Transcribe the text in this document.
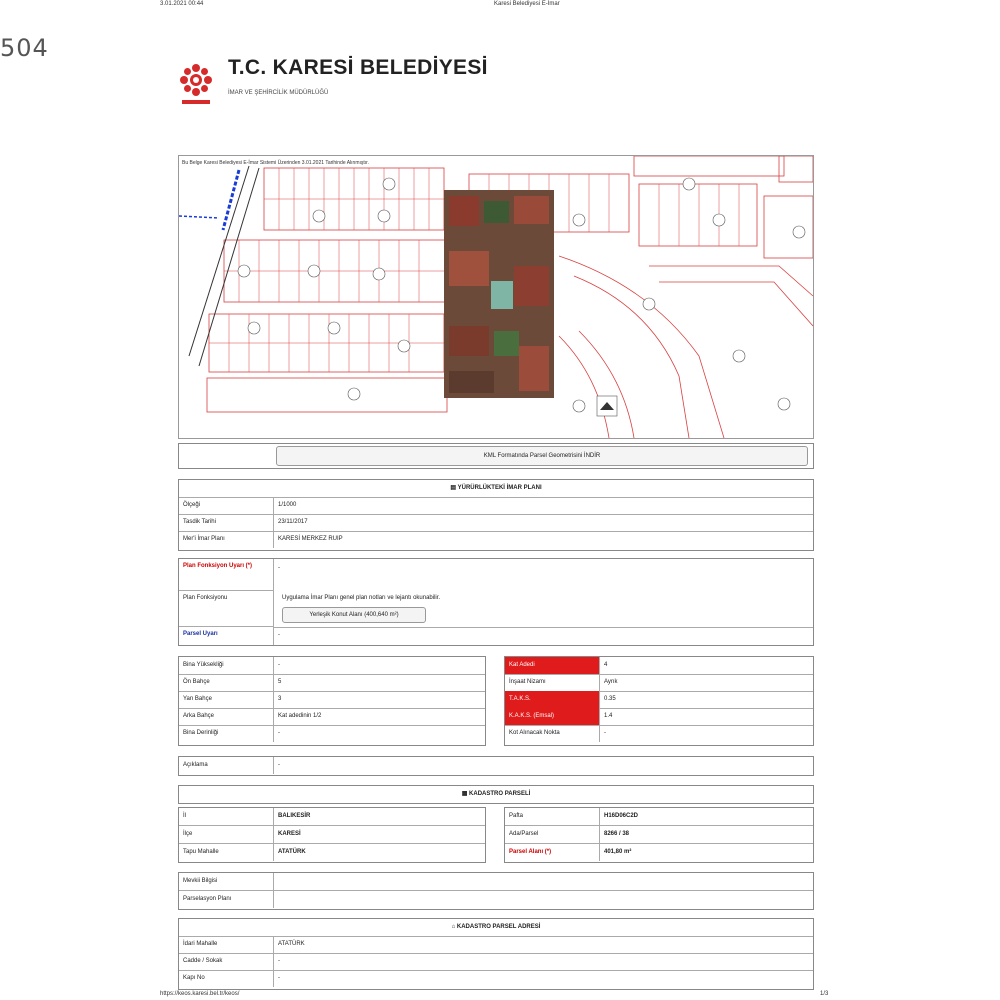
3.01.2021 00:44	Karesi Belediyesi E-İmar
504
T.C. KARESİ BELEDİYESİ
İMAR VE ŞEHİRCİLİK MÜDÜRLÜĞÜ
Bu Belge Karesi Belediyesi E-İmar Sistemi Üzerinden 3.01.2021 Tarihinde Alınmıştır.
KML Formatında Parsel Geometrisini İNDİR
▤ YÜRÜRLÜKTEKİ İMAR PLANI
Ölçeği	1/1000
Tasdik Tarihi	23/11/2017
Mer'i İmar Planı	KARESİ MERKEZ RUIP
Plan Fonksiyon Uyarı (*)	-
Plan Fonksiyonu	Uygulama İmar Planı genel plan notları ve lejantı okunabilir.
Yerleşik Konut Alanı (400,640 m²)
Parsel Uyarı	-
Bina Yüksekliği	-
Ön Bahçe	5
Yan Bahçe	3
Arka Bahçe	Kat adedinin 1/2
Bina Derinliği	-
Kat Adedi	4
İnşaat Nizamı	Ayrık
T.A.K.S.	0.35
K.A.K.S. (Emsal)	1.4
Kot Alınacak Nokta	-
Açıklama	-
▦ KADASTRO PARSELİ
İl	BALIKESİR
İlçe	KARESİ
Tapu Mahalle	ATATÜRK
Pafta	H16D06C2D
Ada/Parsel	8266 / 38
Parsel Alanı (*)	401,80 m²
Mevkii Bilgisi
Parselasyon Planı
⌂ KADASTRO PARSEL ADRESİ
İdari Mahalle	ATATÜRK
Cadde / Sokak	-
Kapı No	-
https://keos.karesi.bel.tr/keos/	1/3
